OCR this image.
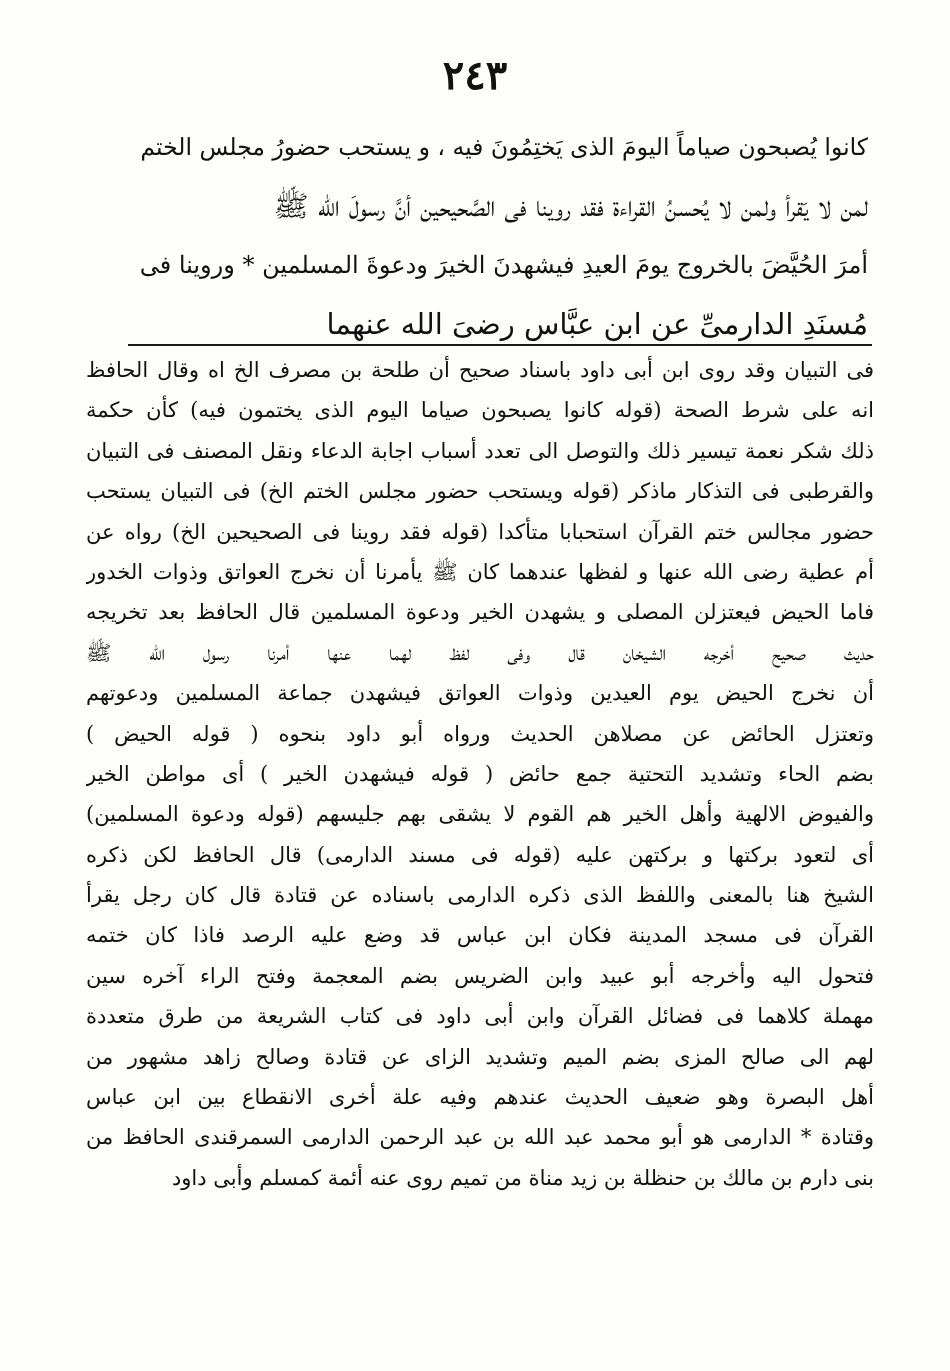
٢٤٣
كانوا يُصبحون صياماً اليومَ الذى يَختِمُونَ فيه ، و يستحب حضورُ مجلس الختم
لمن لا يَقرأ ولمن لا يُحسنُ القراءة فقد روينا فى الصَّحيحين أنَّ رسولَ الله ﷺ
أمرَ الحُيَّضَ بالخروج يومَ العيدِ فيشهدنَ الخيرَ ودعوةَ المسلمين * وروينا فى
مُسنَدِ الدارمىِّ عن ابن عبَّاس رضىَ الله عنهما
فى التبيان وقد روى ابن أبى داود باسناد صحيح أن طلحة بن مصرف الخ اه وقال الحافظ
انه على شرط الصحة (قوله كانوا يصبحون صياما اليوم الذى يختمون فيه) كأن حكمة
ذلك شكر نعمة تيسير ذلك والتوصل الى تعدد أسباب اجابة الدعاء ونقل المصنف فى التبيان
والقرطبى فى التذكار ماذكر (قوله ويستحب حضور مجلس الختم الخ) فى التبيان يستحب
حضور مجالس ختم القرآن استحبابا متأكدا (قوله فقد روينا فى الصحيحين الخ) رواه عن
أم عطية رضى الله عنها و لفظها عندهما كان ﷺ يأمرنا أن نخرج العواتق وذوات الخدور
فاما الحيض فيعتزلن المصلى و يشهدن الخير ودعوة المسلمين قال الحافظ بعد تخريجه
حديث صحيح أخرجه الشيخان قال وفى لفظ لهما عنها أمرنا رسول الله ﷺ
أن نخرج الحيض يوم العيدين وذوات العواتق فيشهدن جماعة المسلمين ودعوتهم
وتعتزل الحائض عن مصلاهن الحديث ورواه أبو داود بنحوه ( قوله الحيض )
بضم الحاء وتشديد التحتية جمع حائض ( قوله فيشهدن الخير ) أى مواطن الخير
والفيوض الالهية وأهل الخير هم القوم لا يشقى بهم جليسهم (قوله ودعوة المسلمين)
أى لتعود بركتها و بركتهن عليه (قوله فى مسند الدارمى) قال الحافظ لكن ذكره
الشيخ هنا بالمعنى واللفظ الذى ذكره الدارمى باسناده عن قتادة قال كان رجل يقرأ
القرآن فى مسجد المدينة فكان ابن عباس قد وضع عليه الرصد فاذا كان ختمه
فتحول اليه وأخرجه أبو عبيد وابن الضريس بضم المعجمة وفتح الراء آخره سين
مهملة كلاهما فى فضائل القرآن وابن أبى داود فى كتاب الشريعة من طرق متعددة
لهم الى صالح المزى بضم الميم وتشديد الزاى عن قتادة وصالح زاهد مشهور من
أهل البصرة وهو ضعيف الحديث عندهم وفيه علة أخرى الانقطاع بين ابن عباس
وقتادة * الدارمى هو أبو محمد عبد الله بن عبد الرحمن الدارمى السمرقندى الحافظ من
بنى دارم بن مالك بن حنظلة بن زيد مناة من تميم روى عنه أئمة كمسلم وأبى داود
